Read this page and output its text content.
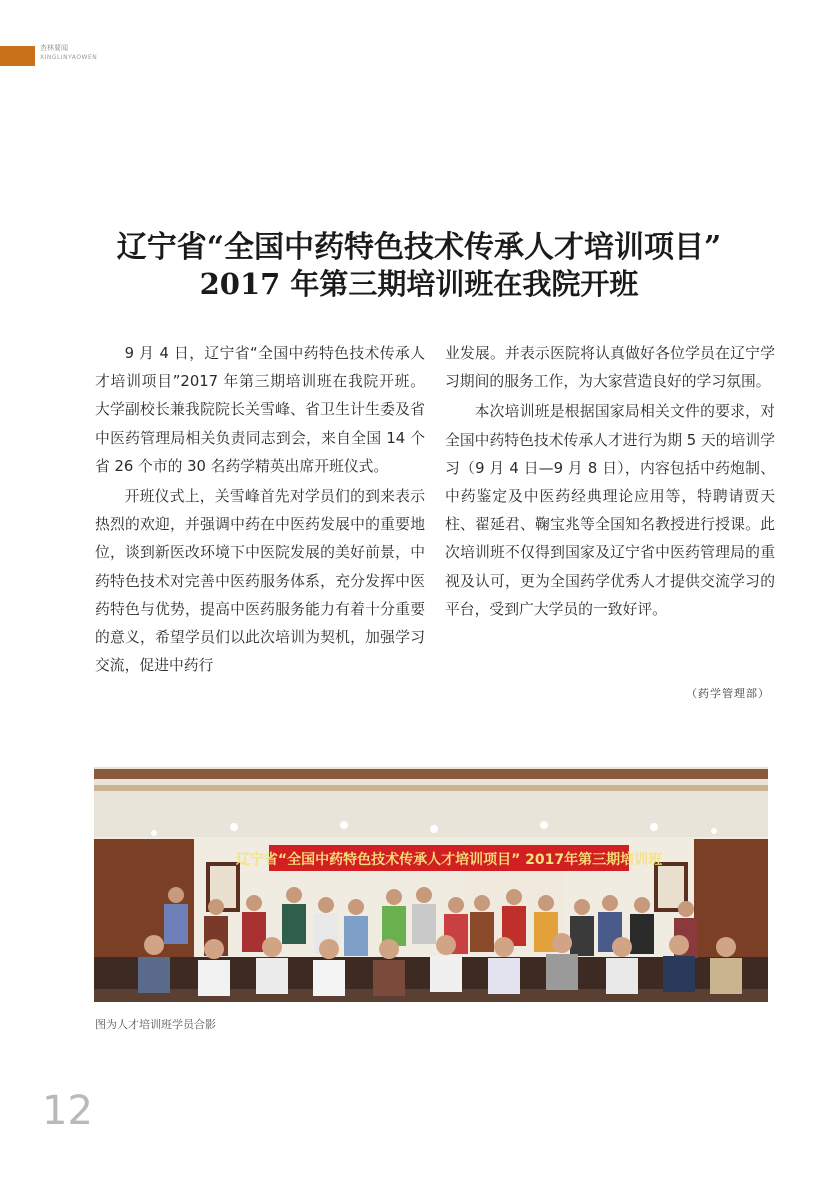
杏林要闻
XINGLINYAOWEN
辽宁省“全国中药特色技术传承人才培训项目”
2017 年第三期培训班在我院开班

9 月 4 日，辽宁省“全国中药特色技术传承人才培训项目”2017 年第三期培训班在我院开班。大学副校长兼我院院长关雪峰、省卫生计生委及省中医药管理局相关负责同志到会，来自全国 14 个省 26 个市的 30 名药学精英出席开班仪式。

开班仪式上，关雪峰首先对学员们的到来表示热烈的欢迎，并强调中药在中医药发展中的重要地位，谈到新医改环境下中医院发展的美好前景，中药特色技术对完善中医药服务体系，充分发挥中医药特色与优势，提高中医药服务能力有着十分重要的意义，希望学员们以此次培训为契机，加强学习交流，促进中药行

业发展。并表示医院将认真做好各位学员在辽宁学习期间的服务工作，为大家营造良好的学习氛围。

本次培训班是根据国家局相关文件的要求，对全国中药特色技术传承人才进行为期 5 天的培训学习（9 月 4 日—9 月 8 日），内容包括中药炮制、中药鉴定及中医药经典理论应用等，特聘请贾天柱、翟延君、鞠宝兆等全国知名教授进行授课。此次培训班不仅得到国家及辽宁省中医药管理局的重视及认可，更为全国药学优秀人才提供交流学习的平台，受到广大学员的一致好评。

（药学管理部）
辽宁省“全国中药特色技术传承人才培训项目” 2017年第三期培训班
图为人才培训班学员合影
12
